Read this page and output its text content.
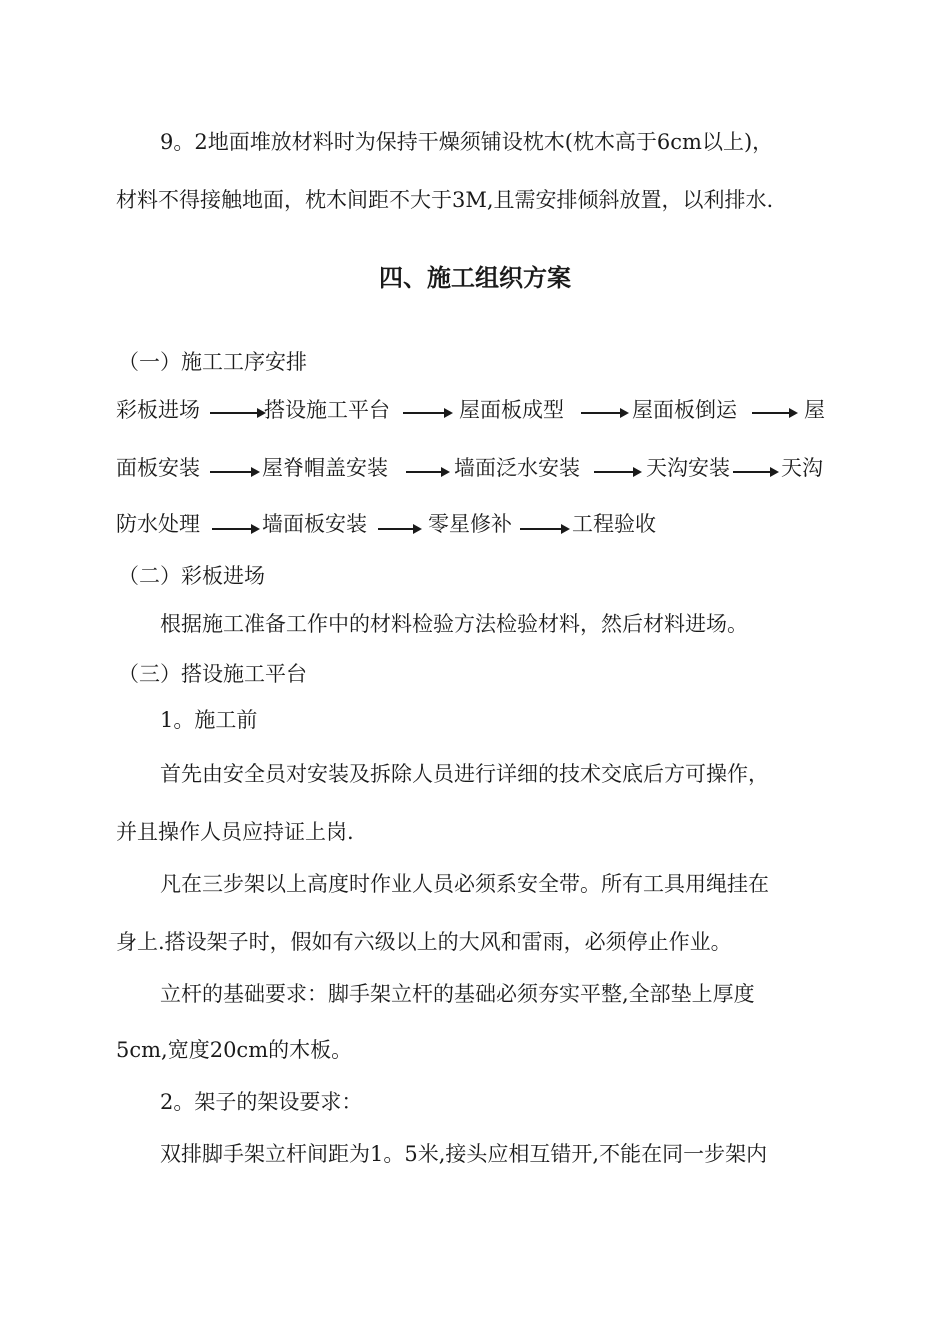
9。2地面堆放材料时为保持干燥须铺设枕木(枕木高于6cm以上)，
材料不得接触地面，枕木间距不大于3M,且需安排倾斜放置，以利排水.
四、施工组织方案
（一）施工工序安排
彩板进场	搭设施工平台	屋面板成型	屋面板倒运	屋
面板安装	屋脊帽盖安装	墙面泛水安装	天沟安装 天沟
防水处理	墙面板安装	零星修补	工程验收
（二）彩板进场
根据施工准备工作中的材料检验方法检验材料，然后材料进场。
（三）搭设施工平台
1。施工前
首先由安全员对安装及拆除人员进行详细的技术交底后方可操作，
并且操作人员应持证上岗.
凡在三步架以上高度时作业人员必须系安全带。所有工具用绳挂在
身上.搭设架子时，假如有六级以上的大风和雷雨，必须停止作业。
立杆的基础要求：脚手架立杆的基础必须夯实平整,全部垫上厚度
5cm,宽度20cm的木板。
2。架子的架设要求：
双排脚手架立杆间距为1。5米,接头应相互错开,不能在同一步架内
